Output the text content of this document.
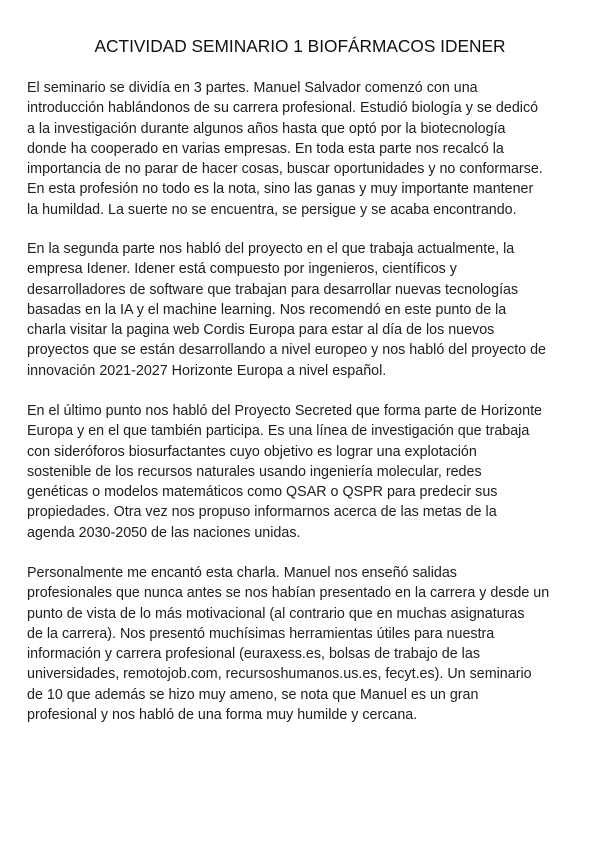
ACTIVIDAD SEMINARIO 1 BIOFÁRMACOS IDENER

El seminario se dividía en 3 partes. Manuel Salvador comenzó con una
introducción hablándonos de su carrera profesional. Estudió biología y se dedicó
a la investigación durante algunos años hasta que optó por la biotecnología
donde ha cooperado en varias empresas. En toda esta parte nos recalcó la
importancia de no parar de hacer cosas, buscar oportunidades y no conformarse.
En esta profesión no todo es la nota, sino las ganas y muy importante mantener
la humildad. La suerte no se encuentra, se persigue y se acaba encontrando.

En la segunda parte nos habló del proyecto en el que trabaja actualmente, la
empresa Idener. Idener está compuesto por ingenieros, científicos y
desarrolladores de software que trabajan para desarrollar nuevas tecnologías
basadas en la IA y el machine learning. Nos recomendó en este punto de la
charla visitar la pagina web Cordis Europa para estar al día de los nuevos
proyectos que se están desarrollando a nivel europeo y nos habló del proyecto de
innovación 2021-2027 Horizonte Europa a nivel español.

En el último punto nos habló del Proyecto Secreted que forma parte de Horizonte
Europa y en el que también participa. Es una línea de investigación que trabaja
con sideróforos biosurfactantes cuyo objetivo es lograr una explotación
sostenible de los recursos naturales usando ingeniería molecular, redes
genéticas o modelos matemáticos como QSAR o QSPR para predecir sus
propiedades. Otra vez nos propuso informarnos acerca de las metas de la
agenda 2030-2050 de las naciones unidas.

Personalmente me encantó esta charla. Manuel nos enseñó salidas
profesionales que nunca antes se nos habían presentado en la carrera y desde un
punto de vista de lo más motivacional (al contrario que en muchas asignaturas
de la carrera). Nos presentó muchísimas herramientas útiles para nuestra
información y carrera profesional (euraxess.es, bolsas de trabajo de las
universidades, remotojob.com, recursoshumanos.us.es, fecyt.es). Un seminario
de 10 que además se hizo muy ameno, se nota que Manuel es un gran
profesional y nos habló de una forma muy humilde y cercana.
